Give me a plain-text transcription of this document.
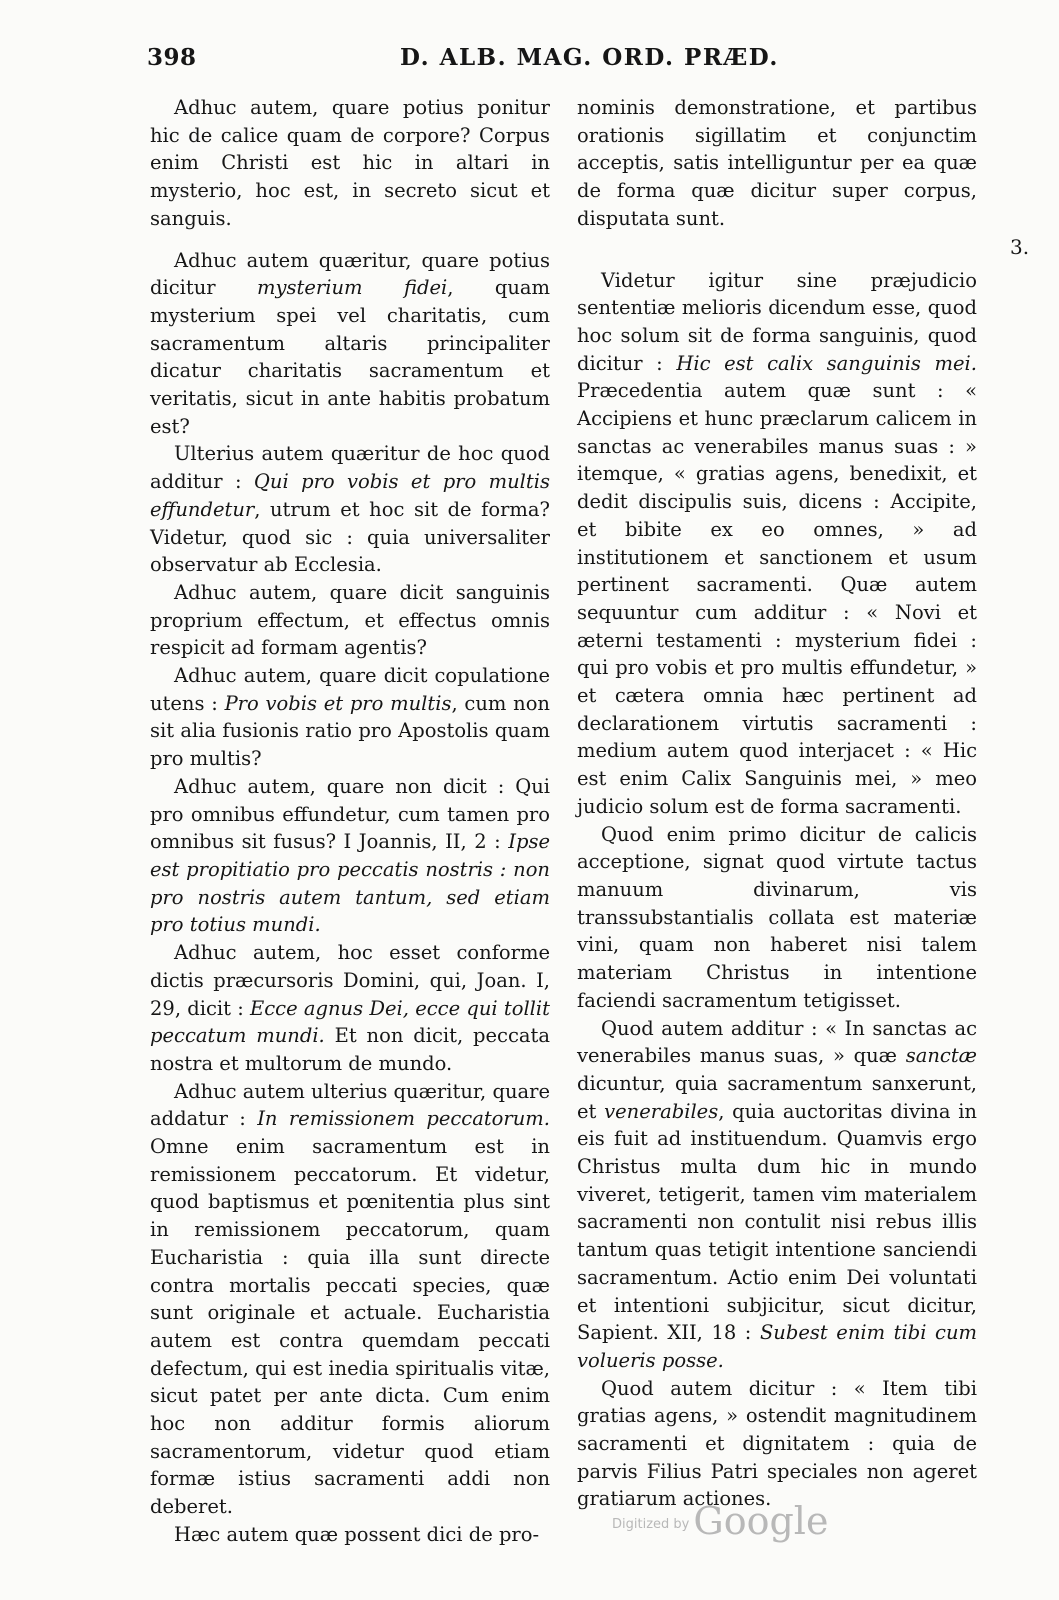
398	D. ALB. MAG. ORD. PRÆD.

Adhuc autem, quare potius ponitur hic de calice quam de corpore? Corpus enim Christi est hic in altari in mysterio, hoc est, in secreto sicut et sanguis.

Adhuc autem quæritur, quare potius dicitur mysterium fidei, quam mysterium spei vel charitatis, cum sacramentum altaris principaliter dicatur charitatis sacramentum et veritatis, sicut in ante habitis probatum est?

Ulterius autem quæritur de hoc quod additur : Qui pro vobis et pro multis effundetur, utrum et hoc sit de forma? Videtur, quod sic : quia universaliter observatur ab Ecclesia.

Adhuc autem, quare dicit sanguinis proprium effectum, et effectus omnis respicit ad formam agentis?

Adhuc autem, quare dicit copulatione utens : Pro vobis et pro multis, cum non sit alia fusionis ratio pro Apostolis quam pro multis?

Adhuc autem, quare non dicit : Qui pro omnibus effundetur, cum tamen pro omnibus sit fusus? I Joannis, II, 2 : Ipse est propitiatio pro peccatis nostris : non pro nostris autem tantum, sed etiam pro totius mundi.

Adhuc autem, hoc esset conforme dictis præcursoris Domini, qui, Joan. I, 29, dicit : Ecce agnus Dei, ecce qui tollit peccatum mundi. Et non dicit, peccata nostra et multorum de mundo.

Adhuc autem ulterius quæritur, quare addatur : In remissionem peccatorum. Omne enim sacramentum est in remissionem peccatorum. Et videtur, quod baptismus et pœnitentia plus sint in remissionem peccatorum, quam Eucharistia : quia illa sunt directe contra mortalis peccati species, quæ sunt originale et actuale. Eucharistia autem est contra quemdam peccati defectum, qui est inedia spiritualis vitæ, sicut patet per ante dicta. Cum enim hoc non additur formis aliorum sacramentorum, videtur quod etiam formæ istius sacramenti addi non deberet.

Hæc autem quæ possent dici de pro-

nominis demonstratione, et partibus orationis sigillatim et conjunctim acceptis, satis intelliguntur per ea quæ de forma quæ dicitur super corpus, disputata sunt.

Videtur igitur sine præjudicio sententiæ melioris dicendum esse, quod hoc solum sit de forma sanguinis, quod dicitur : Hic est calix sanguinis mei. Præcedentia autem quæ sunt : « Accipiens et hunc præclarum calicem in sanctas ac venerabiles manus suas : » itemque, « gratias agens, benedixit, et dedit discipulis suis, dicens : Accipite, et bibite ex eo omnes, » ad institutionem et sanctionem et usum pertinent sacramenti. Quæ autem sequuntur cum additur : « Novi et æterni testamenti : mysterium fidei : qui pro vobis et pro multis effundetur, » et cætera omnia hæc pertinent ad declarationem virtutis sacramenti : medium autem quod interjacet : « Hic est enim Calix Sanguinis mei, » meo judicio solum est de forma sacramenti.

Quod enim primo dicitur de calicis acceptione, signat quod virtute tactus manuum divinarum, vis transsubstantialis collata est materiæ vini, quam non haberet nisi talem materiam Christus in intentione faciendi sacramentum tetigisset.

Quod autem additur : « In sanctas ac venerabiles manus suas, » quæ sanctæ dicuntur, quia sacramentum sanxerunt, et venerabiles, quia auctoritas divina in eis fuit ad instituendum. Quamvis ergo Christus multa dum hic in mundo viveret, tetigerit, tamen vim materialem sacramenti non contulit nisi rebus illis tantum quas tetigit intentione sanciendi sacramentum. Actio enim Dei voluntati et intentioni subjicitur, sicut dicitur, Sapient. XII, 18 : Subest enim tibi cum volueris posse.

Quod autem dicitur : « Item tibi gratias agens, » ostendit magnitudinem sacramenti et dignitatem : quia de parvis Filius Patri speciales non ageret gratiarum actiones.

3.
Digitized by Google
